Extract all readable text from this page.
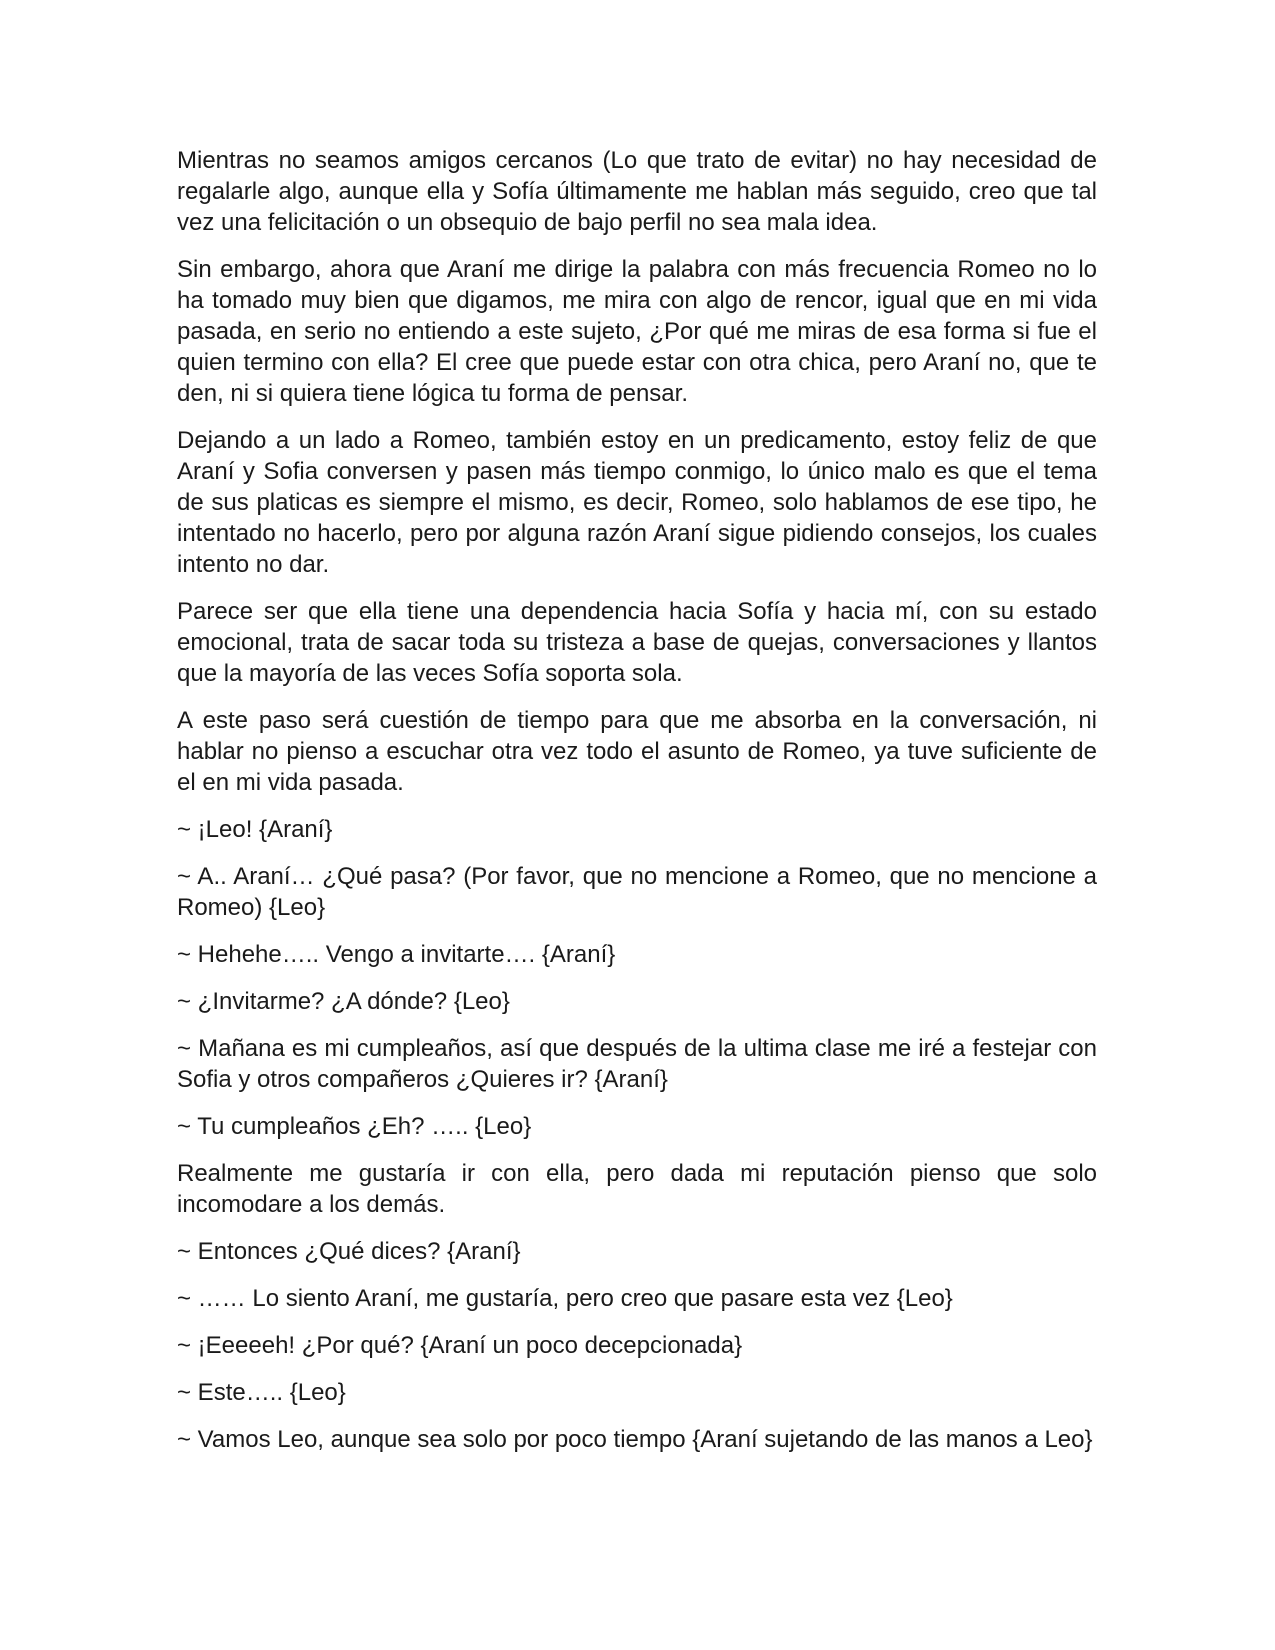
Mientras no seamos amigos cercanos (Lo que trato de evitar) no hay necesidad de regalarle algo, aunque ella y Sofía últimamente me hablan más seguido, creo que tal vez una felicitación o un obsequio de bajo perfil no sea mala idea.

Sin embargo, ahora que Araní me dirige la palabra con más frecuencia Romeo no lo ha tomado muy bien que digamos, me mira con algo de rencor, igual que en mi vida pasada, en serio no entiendo a este sujeto, ¿Por qué me miras de esa forma si fue el quien termino con ella? El cree que puede estar con otra chica, pero Araní no, que te den, ni si quiera tiene lógica tu forma de pensar.

Dejando a un lado a Romeo, también estoy en un predicamento, estoy feliz de que Araní y Sofia conversen y pasen más tiempo conmigo, lo único malo es que el tema de sus platicas es siempre el mismo, es decir, Romeo, solo hablamos de ese tipo, he intentado no hacerlo, pero por alguna razón Araní sigue pidiendo consejos, los cuales intento no dar.

Parece ser que ella tiene una dependencia hacia Sofía y hacia mí, con su estado emocional, trata de sacar toda su tristeza a base de quejas, conversaciones y llantos que la mayoría de las veces Sofía soporta sola.

A este paso será cuestión de tiempo para que me absorba en la conversación, ni hablar no pienso a escuchar otra vez todo el asunto de Romeo, ya tuve suficiente de el en mi vida pasada.

~ ¡Leo! {Araní}

~ A.. Araní… ¿Qué pasa? (Por favor, que no mencione a Romeo, que no mencione a Romeo) {Leo}

~ Hehehe….. Vengo a invitarte…. {Araní}

~ ¿Invitarme? ¿A dónde? {Leo}

~ Mañana es mi cumpleaños, así que después de la ultima clase me iré a festejar con Sofia y otros compañeros ¿Quieres ir? {Araní}

~ Tu cumpleaños ¿Eh? ….. {Leo}

Realmente me gustaría ir con ella, pero dada mi reputación pienso que solo incomodare a los demás.

~ Entonces ¿Qué dices? {Araní}

~ …… Lo siento Araní, me gustaría, pero creo que pasare esta vez {Leo}

~ ¡Eeeeeh! ¿Por qué? {Araní un poco decepcionada}

~ Este….. {Leo}

~ Vamos Leo, aunque sea solo por poco tiempo {Araní sujetando de las manos a Leo}
